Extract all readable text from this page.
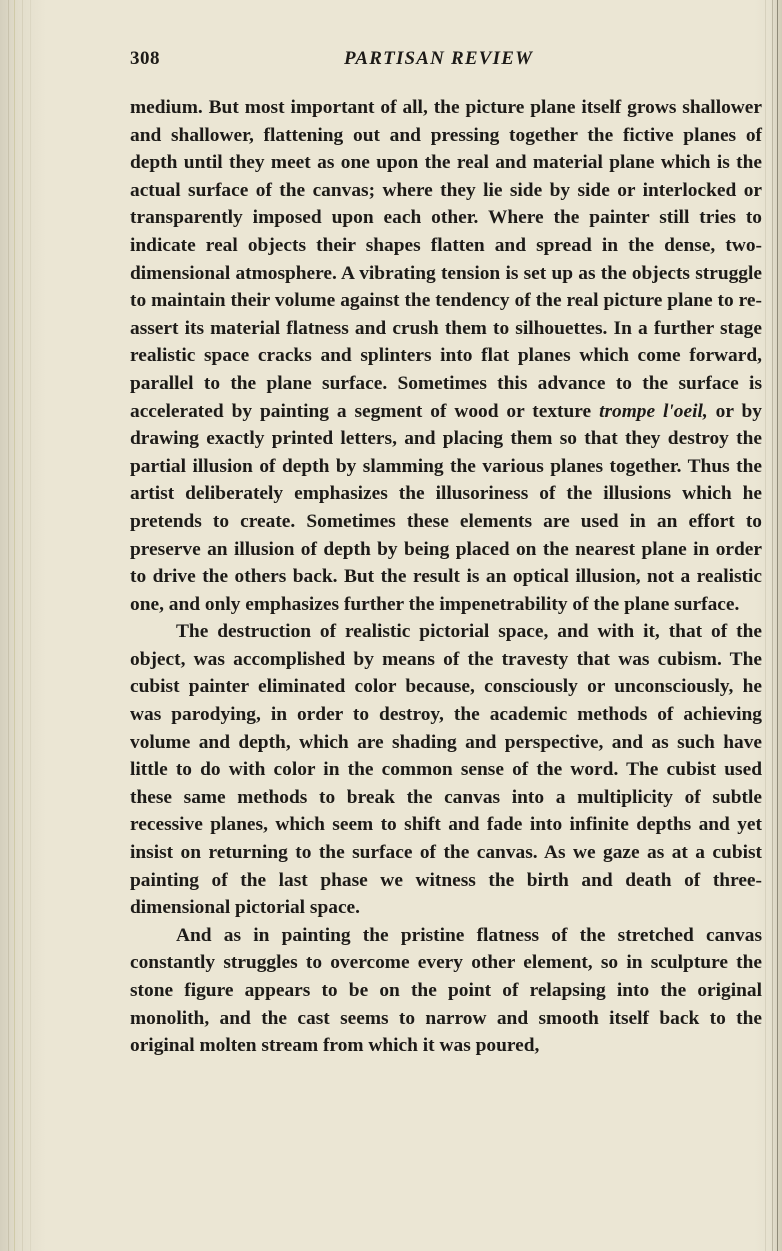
308	PARTISAN REVIEW

medium. But most important of all, the picture plane itself grows shallower and shallower, flattening out and pressing together the fictive planes of depth until they meet as one upon the real and material plane which is the actual surface of the canvas; where they lie side by side or interlocked or transparently imposed upon each other. Where the painter still tries to indicate real objects their shapes flatten and spread in the dense, two-dimensional atmosphere. A vibrating tension is set up as the objects struggle to maintain their volume against the tendency of the real picture plane to re-assert its material flatness and crush them to silhouettes. In a further stage realistic space cracks and splinters into flat planes which come forward, parallel to the plane surface. Sometimes this advance to the surface is accelerated by painting a segment of wood or texture trompe l'oeil, or by drawing exactly printed letters, and placing them so that they destroy the partial illusion of depth by slamming the various planes together. Thus the artist deliberately emphasizes the illusoriness of the illusions which he pretends to create. Sometimes these elements are used in an effort to preserve an illusion of depth by being placed on the nearest plane in order to drive the others back. But the result is an optical illusion, not a realistic one, and only emphasizes further the impenetrability of the plane surface.

The destruction of realistic pictorial space, and with it, that of the object, was accomplished by means of the travesty that was cubism. The cubist painter eliminated color because, consciously or unconsciously, he was parodying, in order to destroy, the academic methods of achieving volume and depth, which are shading and perspective, and as such have little to do with color in the common sense of the word. The cubist used these same methods to break the canvas into a multiplicity of subtle recessive planes, which seem to shift and fade into infinite depths and yet insist on returning to the surface of the canvas. As we gaze as at a cubist painting of the last phase we witness the birth and death of three-dimensional pictorial space.

And as in painting the pristine flatness of the stretched canvas constantly struggles to overcome every other element, so in sculpture the stone figure appears to be on the point of relapsing into the original monolith, and the cast seems to narrow and smooth itself back to the original molten stream from which it was poured,
